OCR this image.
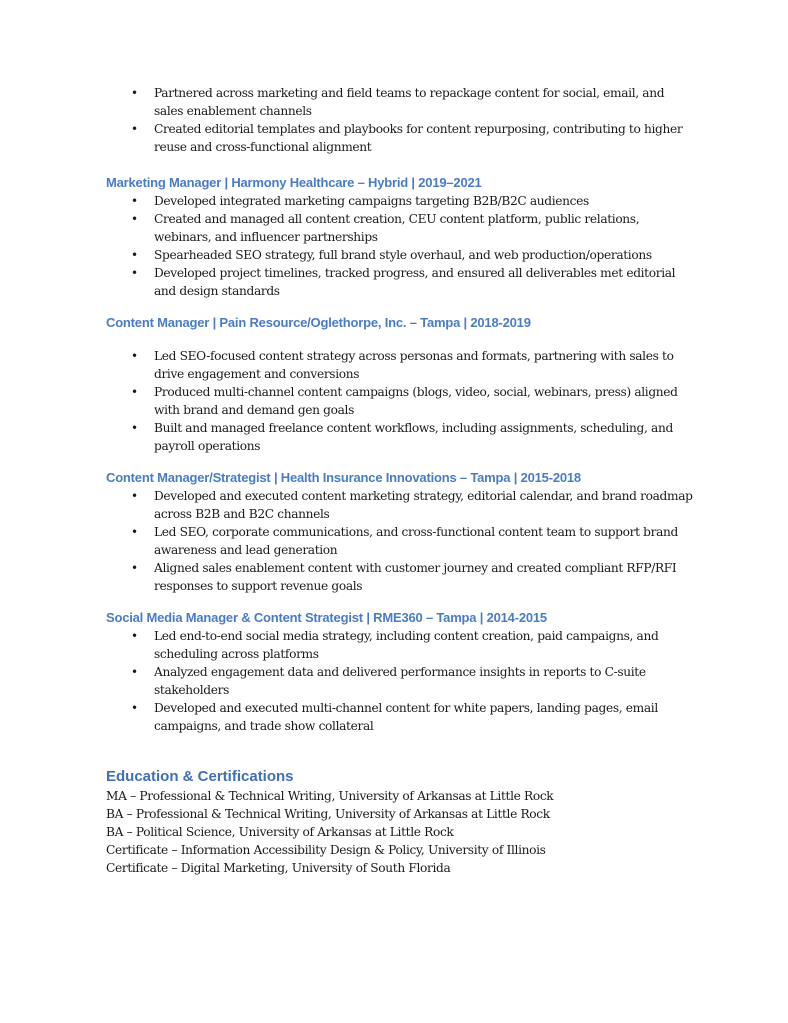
• Partnered across marketing and field teams to repackage content for social, email, and sales enablement channels
• Created editorial templates and playbooks for content repurposing, contributing to higher reuse and cross-functional alignment
Marketing Manager | Harmony Healthcare – Hybrid | 2019–2021
• Developed integrated marketing campaigns targeting B2B/B2C audiences
• Created and managed all content creation, CEU content platform, public relations, webinars, and influencer partnerships
• Spearheaded SEO strategy, full brand style overhaul, and web production/operations
• Developed project timelines, tracked progress, and ensured all deliverables met editorial and design standards
Content Manager | Pain Resource/Oglethorpe, Inc. – Tampa | 2018-2019
• Led SEO-focused content strategy across personas and formats, partnering with sales to drive engagement and conversions
• Produced multi-channel content campaigns (blogs, video, social, webinars, press) aligned with brand and demand gen goals
• Built and managed freelance content workflows, including assignments, scheduling, and payroll operations
Content Manager/Strategist | Health Insurance Innovations – Tampa | 2015-2018
• Developed and executed content marketing strategy, editorial calendar, and brand roadmap across B2B and B2C channels
• Led SEO, corporate communications, and cross-functional content team to support brand awareness and lead generation
• Aligned sales enablement content with customer journey and created compliant RFP/RFI responses to support revenue goals
Social Media Manager & Content Strategist | RME360 – Tampa | 2014-2015
• Led end-to-end social media strategy, including content creation, paid campaigns, and scheduling across platforms
• Analyzed engagement data and delivered performance insights in reports to C-suite stakeholders
• Developed and executed multi-channel content for white papers, landing pages, email campaigns, and trade show collateral
Education & Certifications
MA – Professional & Technical Writing, University of Arkansas at Little Rock
BA – Professional & Technical Writing, University of Arkansas at Little Rock
BA – Political Science, University of Arkansas at Little Rock
Certificate – Information Accessibility Design & Policy, University of Illinois
Certificate – Digital Marketing, University of South Florida
